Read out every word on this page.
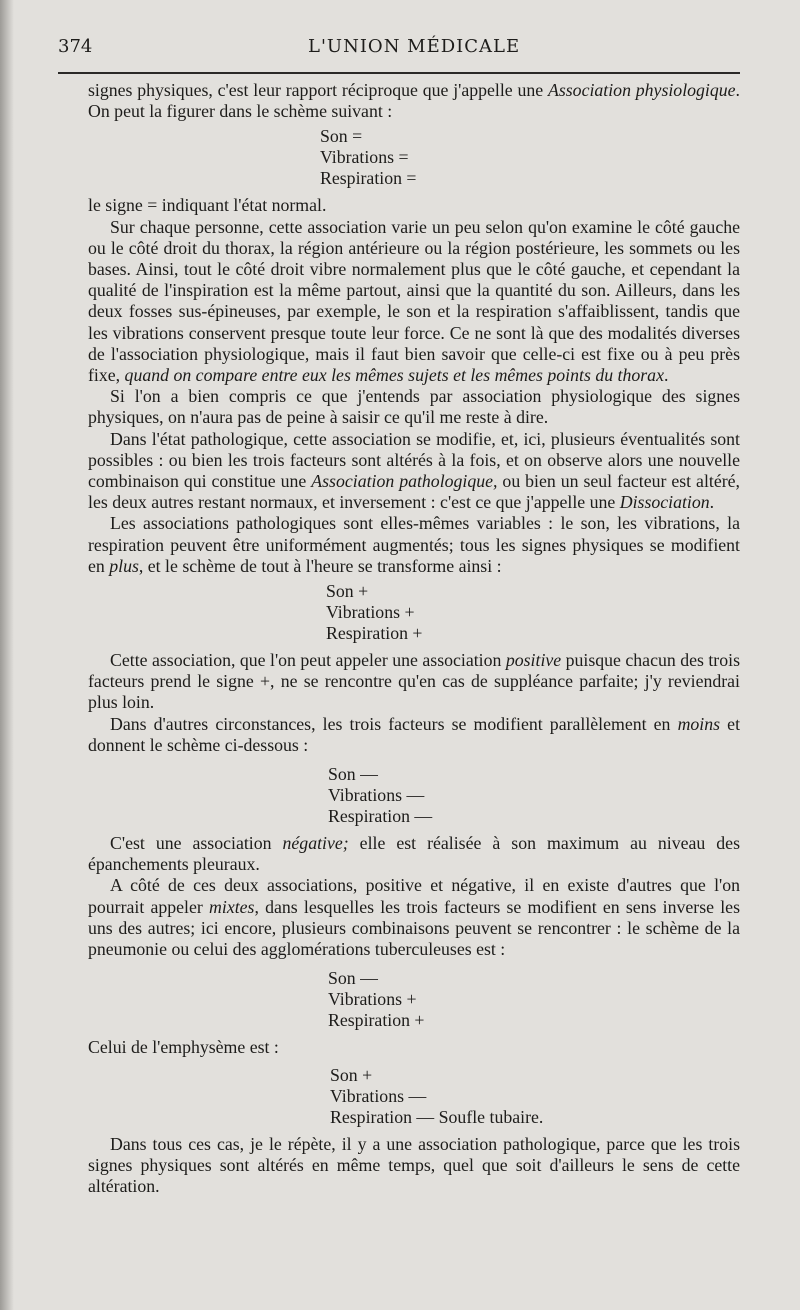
374	L'UNION MÉDICALE

signes physiques, c'est leur rapport réciproque que j'appelle une Association physiologique. On peut la figurer dans le schème suivant :

Son =
Vibrations =
Respiration =

le signe = indiquant l'état normal.

Sur chaque personne, cette association varie un peu selon qu'on examine le côté gauche ou le côté droit du thorax, la région antérieure ou la région postérieure, les sommets ou les bases. Ainsi, tout le côté droit vibre normalement plus que le côté gauche, et cependant la qualité de l'inspiration est la même partout, ainsi que la quantité du son. Ailleurs, dans les deux fosses sus-épineuses, par exemple, le son et la respiration s'affaiblissent, tandis que les vibrations conservent presque toute leur force. Ce ne sont là que des modalités diverses de l'association physiologique, mais il faut bien savoir que celle-ci est fixe ou à peu près fixe, quand on compare entre eux les mêmes sujets et les mêmes points du thorax.

Si l'on a bien compris ce que j'entends par association physiologique des signes physiques, on n'aura pas de peine à saisir ce qu'il me reste à dire.

Dans l'état pathologique, cette association se modifie, et, ici, plusieurs éventualités sont possibles : ou bien les trois facteurs sont altérés à la fois, et on observe alors une nouvelle combinaison qui constitue une Association pathologique, ou bien un seul facteur est altéré, les deux autres restant normaux, et inversement : c'est ce que j'appelle une Dissociation.

Les associations pathologiques sont elles-mêmes variables : le son, les vibrations, la respiration peuvent être uniformément augmentés; tous les signes physiques se modifient en plus, et le schème de tout à l'heure se transforme ainsi :

Son +
Vibrations +
Respiration +

Cette association, que l'on peut appeler une association positive puisque chacun des trois facteurs prend le signe +, ne se rencontre qu'en cas de suppléance parfaite; j'y reviendrai plus loin.

Dans d'autres circonstances, les trois facteurs se modifient parallèlement en moins et donnent le schème ci-dessous :

Son —
Vibrations —
Respiration —

C'est une association négative; elle est réalisée à son maximum au niveau des épanchements pleuraux.

A côté de ces deux associations, positive et négative, il en existe d'autres que l'on pourrait appeler mixtes, dans lesquelles les trois facteurs se modifient en sens inverse les uns des autres; ici encore, plusieurs combinaisons peuvent se rencontrer : le schème de la pneumonie ou celui des agglomérations tuberculeuses est :

Son —
Vibrations +
Respiration +

Celui de l'emphysème est :

Son +
Vibrations —
Respiration — Soufle tubaire.

Dans tous ces cas, je le répète, il y a une association pathologique, parce que les trois signes physiques sont altérés en même temps, quel que soit d'ailleurs le sens de cette altération.
